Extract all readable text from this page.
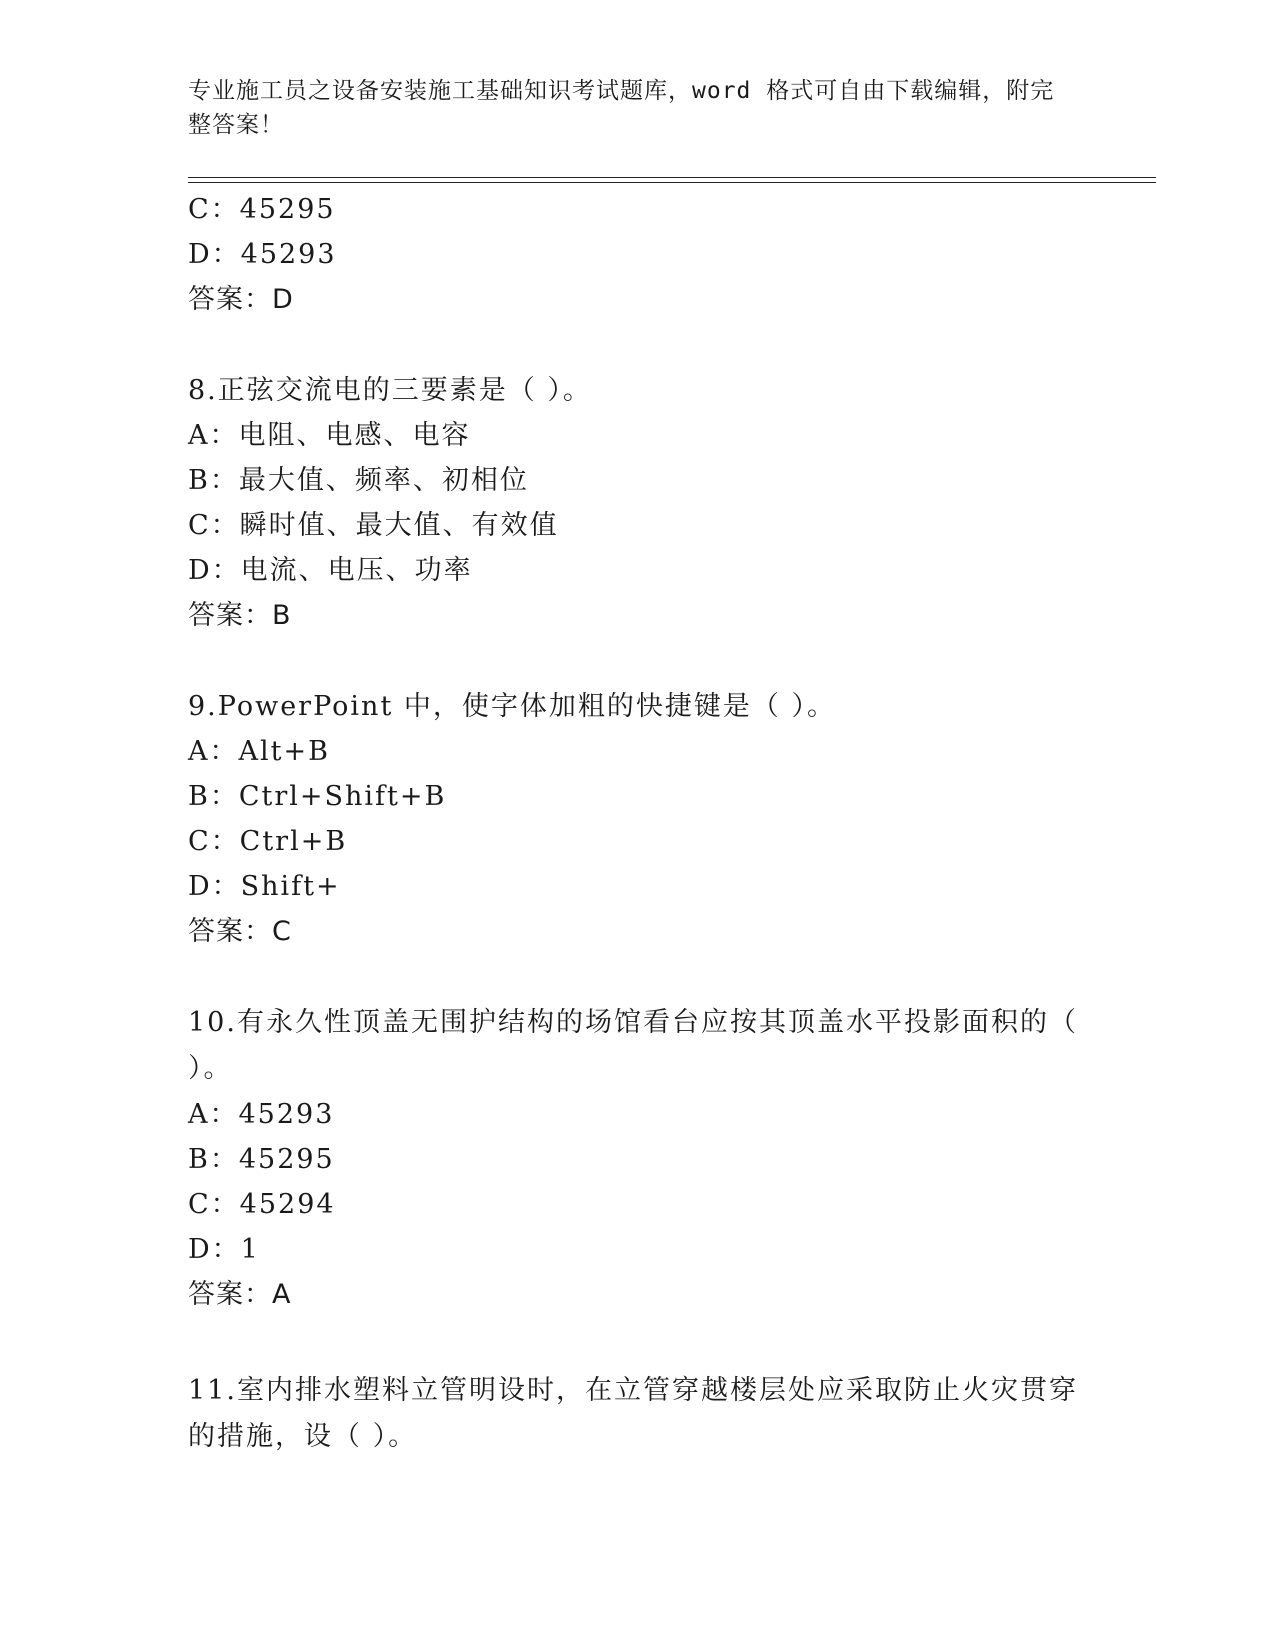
专业施工员之设备安装施工基础知识考试题库，word 格式可自由下载编辑，附完整答案！
C：45295
D：45293
答案：D
8.正弦交流电的三要素是（ ）。
A：电阻、电感、电容
B：最大值、频率、初相位
C：瞬时值、最大值、有效值
D：电流、电压、功率
答案：B
9.PowerPoint 中，使字体加粗的快捷键是（ ）。
A：Alt+B
B：Ctrl+Shift+B
C：Ctrl+B
D：Shift+
答案：C
10.有永久性顶盖无围护结构的场馆看台应按其顶盖水平投影面积的（ ）。
A：45293
B：45295
C：45294
D：1
答案：A
11.室内排水塑料立管明设时，在立管穿越楼层处应采取防止火灾贯穿的措施，设（ ）。
